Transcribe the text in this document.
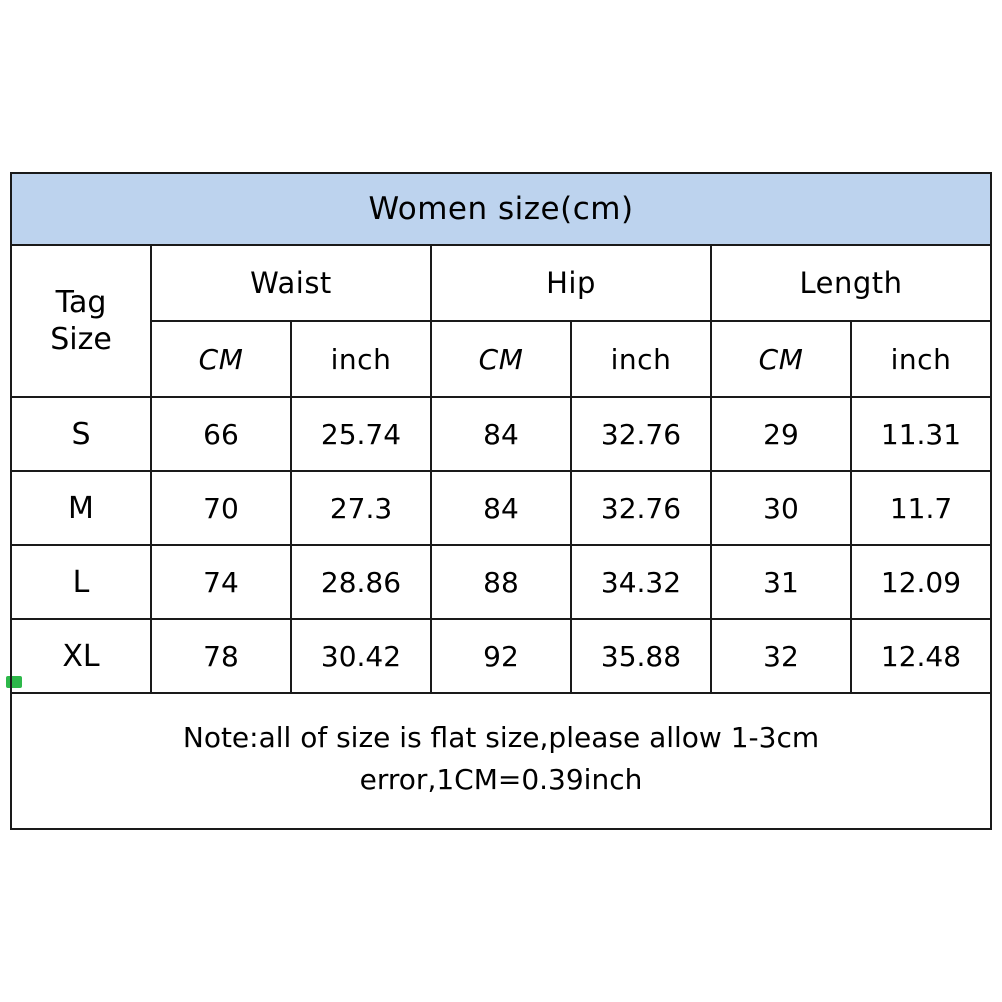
Women size(cm)						
Tag
Size	Waist		Hip		Length	
	CM	inch	CM	inch	CM	inch
S	66	25.74	84	32.76	29	11.31
M	70	27.3	84	32.76	30	11.7
L	74	28.86	88	34.32	31	12.09
XL	78	30.42	92	35.88	32	12.48

Note:all of size is flat size,please allow 1-3cm
error,1CM=0.39inch						
